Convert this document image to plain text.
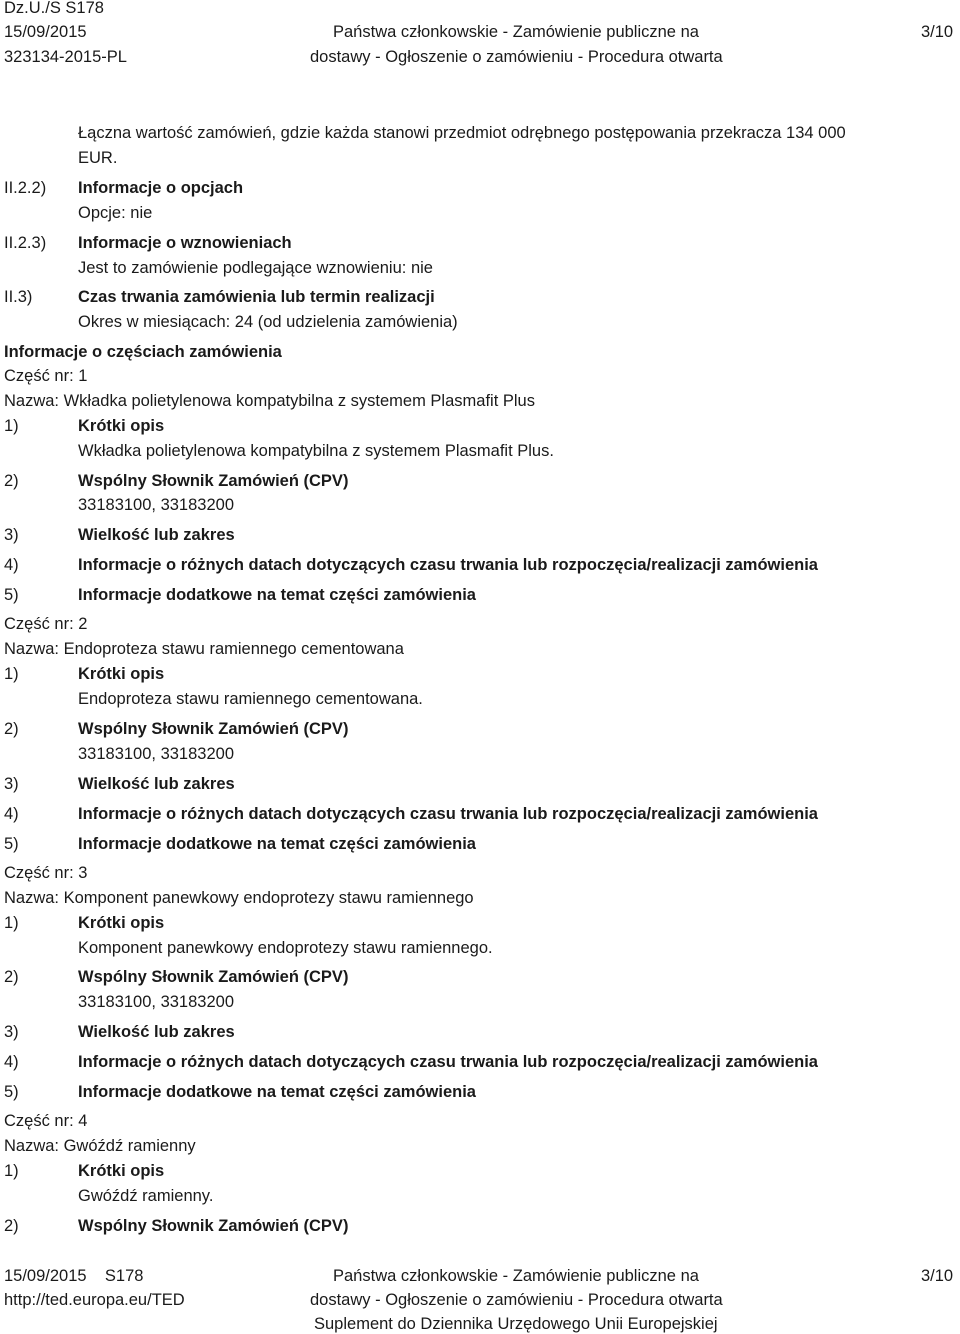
Dz.U./S S178
15/09/2015
323134-2015-PL
Państwa członkowskie - Zamówienie publiczne na
dostawy - Ogłoszenie o zamówieniu - Procedura otwarta
3/10
Łączna wartość zamówień, gdzie każda stanowi przedmiot odrębnego postępowania przekracza 134 000
EUR.
II.2.2) Informacje o opcjach
Opcje: nie
II.2.3) Informacje o wznowieniach
Jest to zamówienie podlegające wznowieniu: nie
II.3)	Czas trwania zamówienia lub termin realizacji
Okres w miesiącach: 24 (od udzielenia zamówienia)
Informacje o częściach zamówienia
Część nr: 1
Nazwa: Wkładka polietylenowa kompatybilna z systemem Plasmafit Plus
1)	Krótki opis
Wkładka polietylenowa kompatybilna z systemem Plasmafit Plus.
2)	Wspólny Słownik Zamówień (CPV)
33183100, 33183200
3)	Wielkość lub zakres
4)	Informacje o różnych datach dotyczących czasu trwania lub rozpoczęcia/realizacji zamówienia
5)	Informacje dodatkowe na temat części zamówienia
Część nr: 2
Nazwa: Endoproteza stawu ramiennego cementowana
1)	Krótki opis
Endoproteza stawu ramiennego cementowana.
2)	Wspólny Słownik Zamówień (CPV)
33183100, 33183200
3)	Wielkość lub zakres
4)	Informacje o różnych datach dotyczących czasu trwania lub rozpoczęcia/realizacji zamówienia
5)	Informacje dodatkowe na temat części zamówienia
Część nr: 3
Nazwa: Komponent panewkowy endoprotezy stawu ramiennego
1)	Krótki opis
Komponent panewkowy endoprotezy stawu ramiennego.
2)	Wspólny Słownik Zamówień (CPV)
33183100, 33183200
3)	Wielkość lub zakres
4)	Informacje o różnych datach dotyczących czasu trwania lub rozpoczęcia/realizacji zamówienia
5)	Informacje dodatkowe na temat części zamówienia
Część nr: 4
Nazwa: Gwóźdź ramienny
1)	Krótki opis
Gwóźdź ramienny.
2)	Wspólny Słownik Zamówień (CPV)
15/09/2015    S178
http://ted.europa.eu/TED
Państwa członkowskie - Zamówienie publiczne na
dostawy - Ogłoszenie o zamówieniu - Procedura otwarta
Suplement do Dziennika Urzędowego Unii Europejskiej
3/10
